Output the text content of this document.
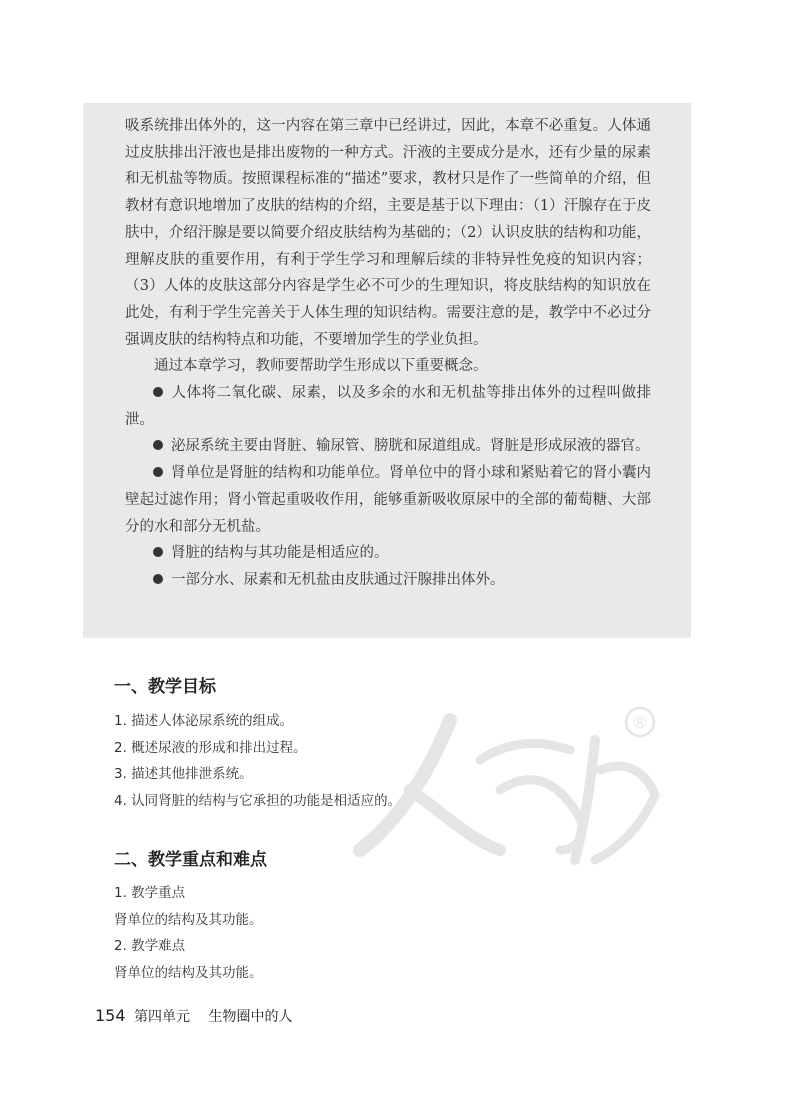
®

吸系统排出体外的，这一内容在第三章中已经讲过，因此，本章不必重复。人体通过皮肤排出汗液也是排出废物的一种方式。汗液的主要成分是水，还有少量的尿素和无机盐等物质。按照课程标准的“描述”要求，教材只是作了一些简单的介绍，但教材有意识地增加了皮肤的结构的介绍，主要是基于以下理由：（1）汗腺存在于皮肤中，介绍汗腺是要以简要介绍皮肤结构为基础的；（2）认识皮肤的结构和功能，理解皮肤的重要作用，有利于学生学习和理解后续的非特异性免疫的知识内容；（3）人体的皮肤这部分内容是学生必不可少的生理知识，将皮肤结构的知识放在此处，有利于学生完善关于人体生理的知识结构。需要注意的是，教学中不必过分强调皮肤的结构特点和功能，不要增加学生的学业负担。

通过本章学习，教师要帮助学生形成以下重要概念。

人体将二氧化碳、尿素，以及多余的水和无机盐等排出体外的过程叫做排泄。

泌尿系统主要由肾脏、输尿管、膀胱和尿道组成。肾脏是形成尿液的器官。

肾单位是肾脏的结构和功能单位。肾单位中的肾小球和紧贴着它的肾小囊内壁起过滤作用；肾小管起重吸收作用，能够重新吸收原尿中的全部的葡萄糖、大部分的水和部分无机盐。

肾脏的结构与其功能是相适应的。

一部分水、尿素和无机盐由皮肤通过汗腺排出体外。

一、教学目标
1. 描述人体泌尿系统的组成。
2. 概述尿液的形成和排出过程。
3. 描述其他排泄系统。
4. 认同肾脏的结构与它承担的功能是相适应的。
二、教学重点和难点
1. 教学重点
肾单位的结构及其功能。
2. 教学难点
肾单位的结构及其功能。
154 第四单元 生物圈中的人
